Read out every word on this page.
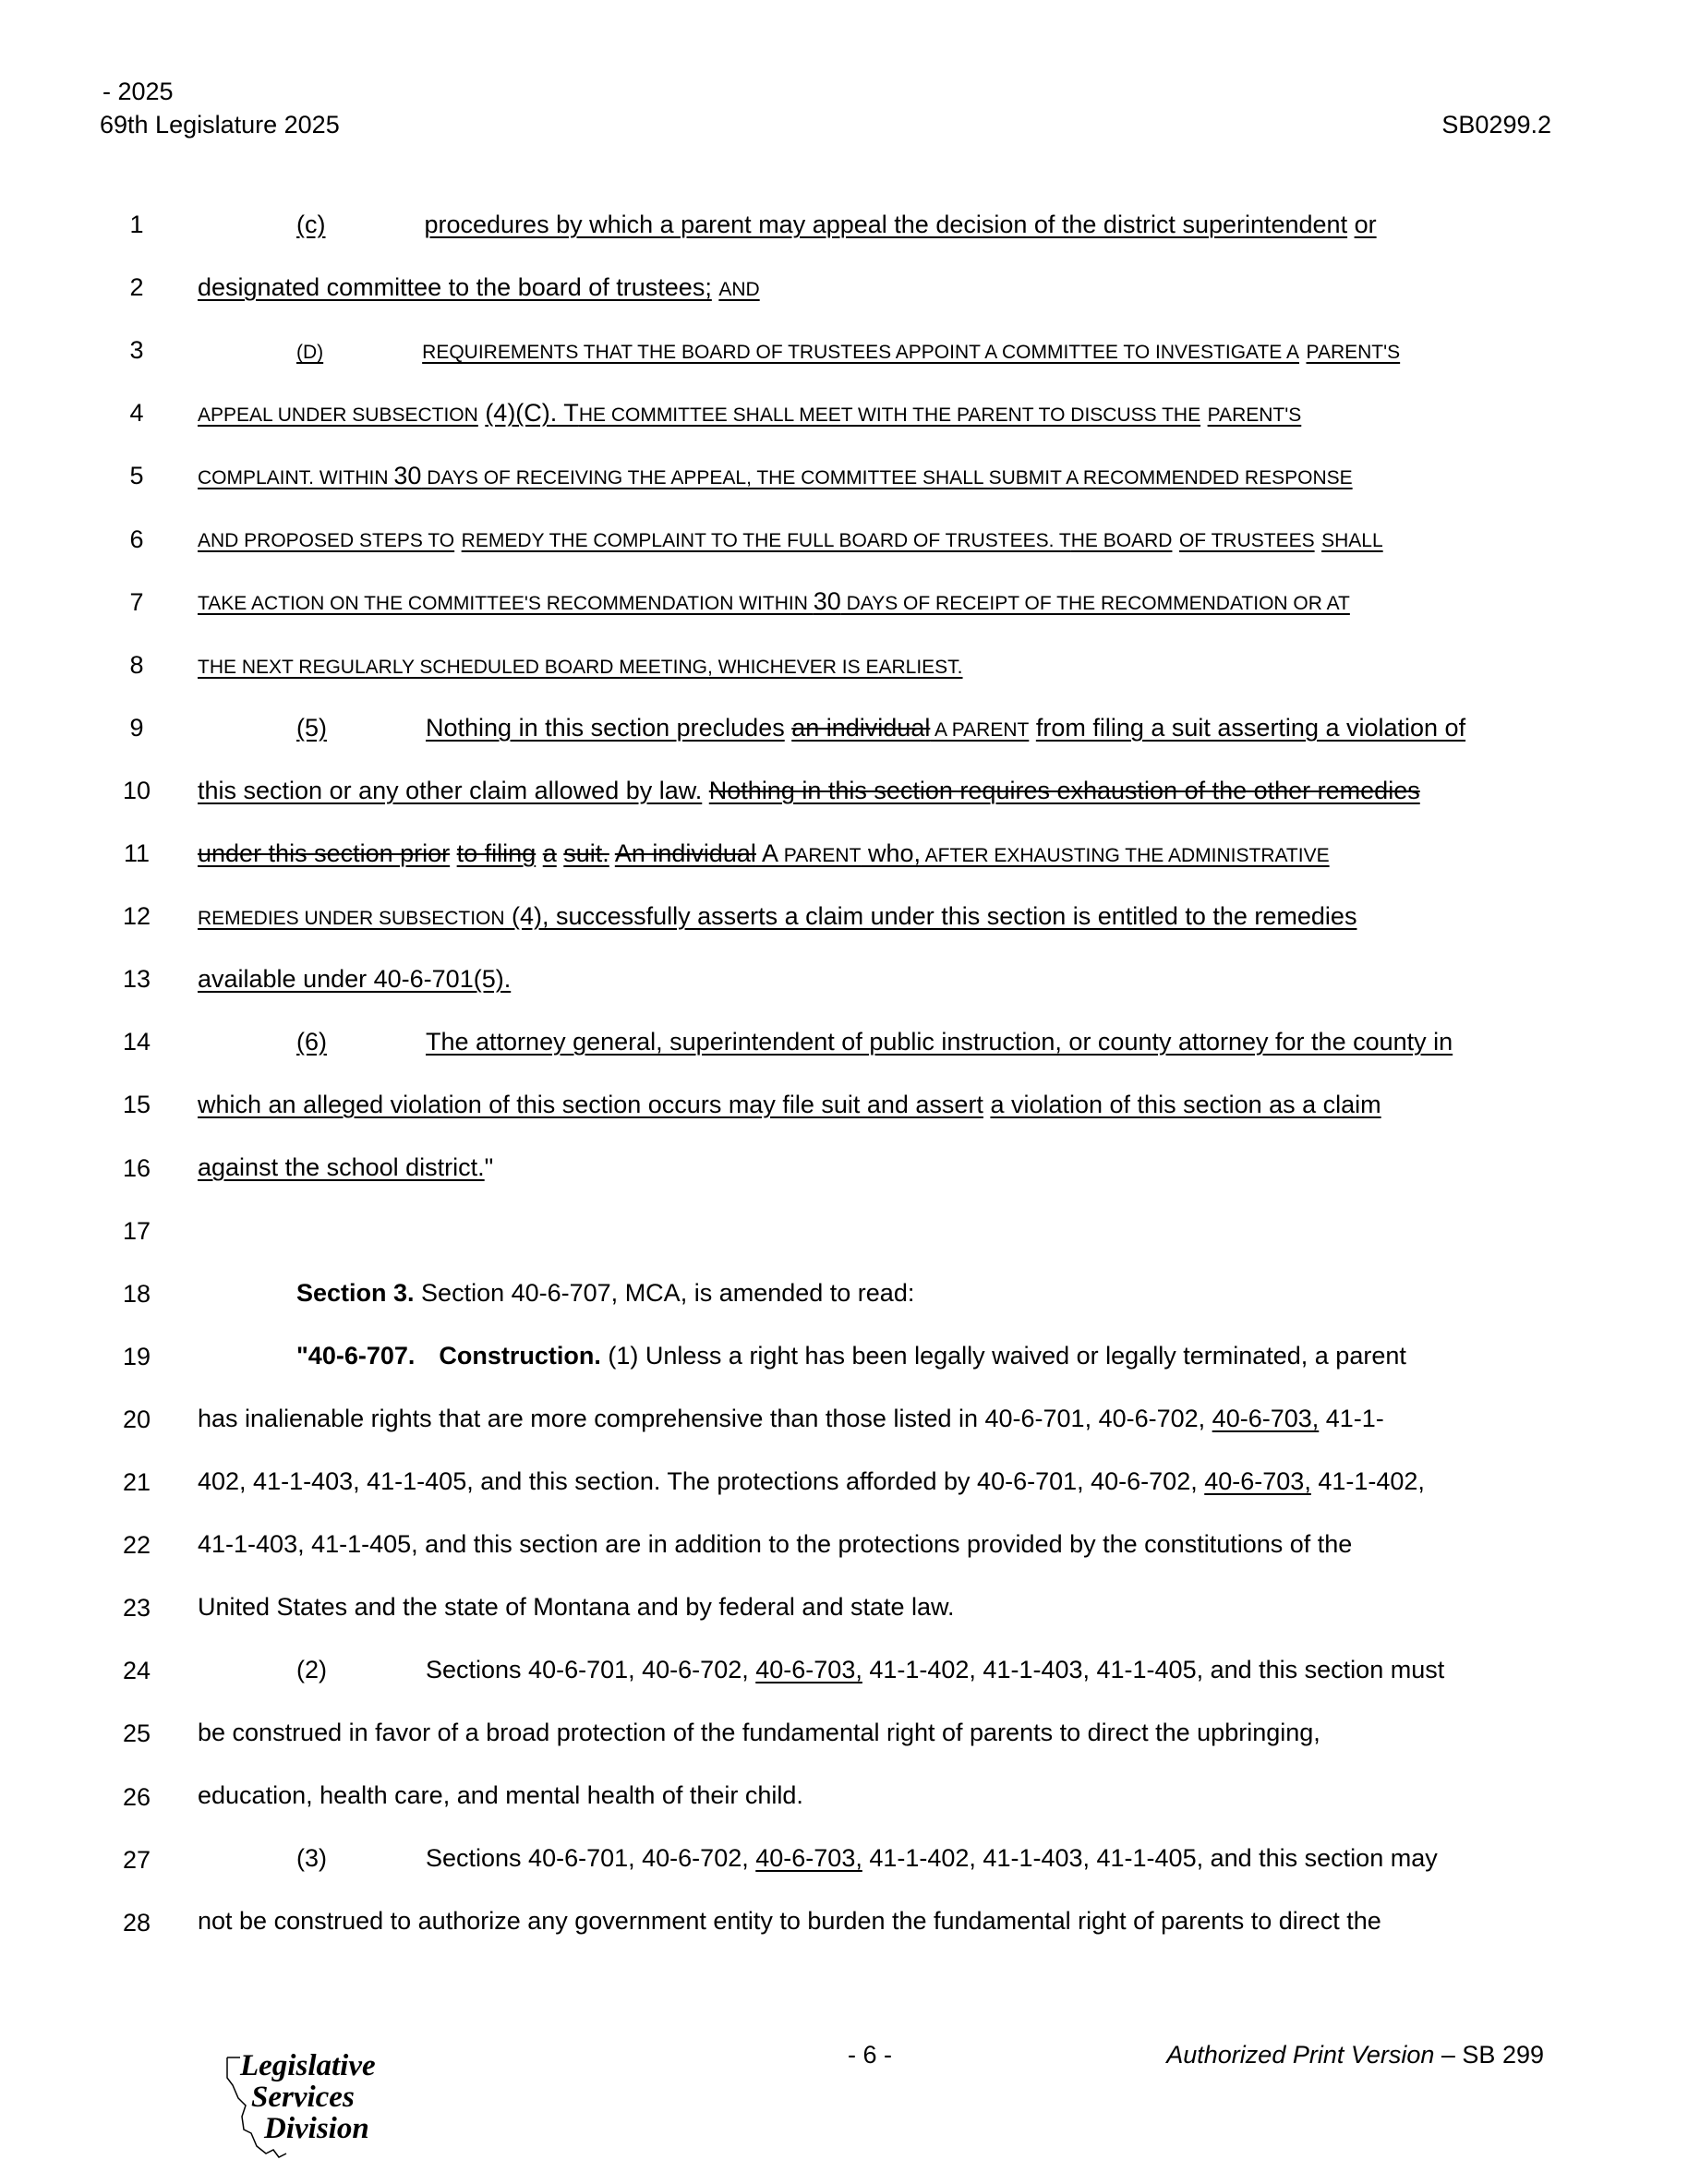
- 2025
69th Legislature 2025	SB0299.2
1
2
3
4
5
6
7
8
9
10
11
12
13
14
15
16
17
18
19
20
21
22
23
24
25
26
27
28
(c)	procedures by which a parent may appeal the decision of the district superintendent or
designated committee to the board of trustees; AND
(D)	REQUIREMENTS THAT THE BOARD OF TRUSTEES APPOINT A COMMITTEE TO INVESTIGATE A PARENT'S
APPEAL UNDER SUBSECTION (4)(C). THE COMMITTEE SHALL MEET WITH THE PARENT TO DISCUSS THE PARENT'S
COMPLAINT. WITHIN 30 DAYS OF RECEIVING THE APPEAL, THE COMMITTEE SHALL SUBMIT A RECOMMENDED RESPONSE
AND PROPOSED STEPS TO REMEDY THE COMPLAINT TO THE FULL BOARD OF TRUSTEES. THE BOARD OF TRUSTEES SHALL
TAKE ACTION ON THE COMMITTEE'S RECOMMENDATION WITHIN 30 DAYS OF RECEIPT OF THE RECOMMENDATION OR AT
THE NEXT REGULARLY SCHEDULED BOARD MEETING, WHICHEVER IS EARLIEST.
(5)	Nothing in this section precludes an individual A PARENT from filing a suit asserting a violation of
this section or any other claim allowed by law. Nothing in this section requires exhaustion of the other remedies
under this section prior to filing a suit. An individual A PARENT who, AFTER EXHAUSTING THE ADMINISTRATIVE
REMEDIES UNDER SUBSECTION (4), successfully asserts a claim under this section is entitled to the remedies
available under 40-6-701(5).
(6)	The attorney general, superintendent of public instruction, or county attorney for the county in
which an alleged violation of this section occurs may file suit and assert a violation of this section as a claim
against the school district."
Section 3. Section 40-6-707, MCA, is amended to read:
"40-6-707. Construction. (1) Unless a right has been legally waived or legally terminated, a parent
has inalienable rights that are more comprehensive than those listed in 40-6-701, 40-6-702, 40-6-703, 41-1-
402, 41-1-403, 41-1-405, and this section. The protections afforded by 40-6-701, 40-6-702, 40-6-703, 41-1-402,
41-1-403, 41-1-405, and this section are in addition to the protections provided by the constitutions of the
United States and the state of Montana and by federal and state law.
(2)	Sections 40-6-701, 40-6-702, 40-6-703, 41-1-402, 41-1-403, 41-1-405, and this section must
be construed in favor of a broad protection of the fundamental right of parents to direct the upbringing,
education, health care, and mental health of their child.
(3)	Sections 40-6-701, 40-6-702, 40-6-703, 41-1-402, 41-1-403, 41-1-405, and this section may
not be construed to authorize any government entity to burden the fundamental right of parents to direct the
Legislative
Services
Division
- 6 -	Authorized Print Version – SB 299
